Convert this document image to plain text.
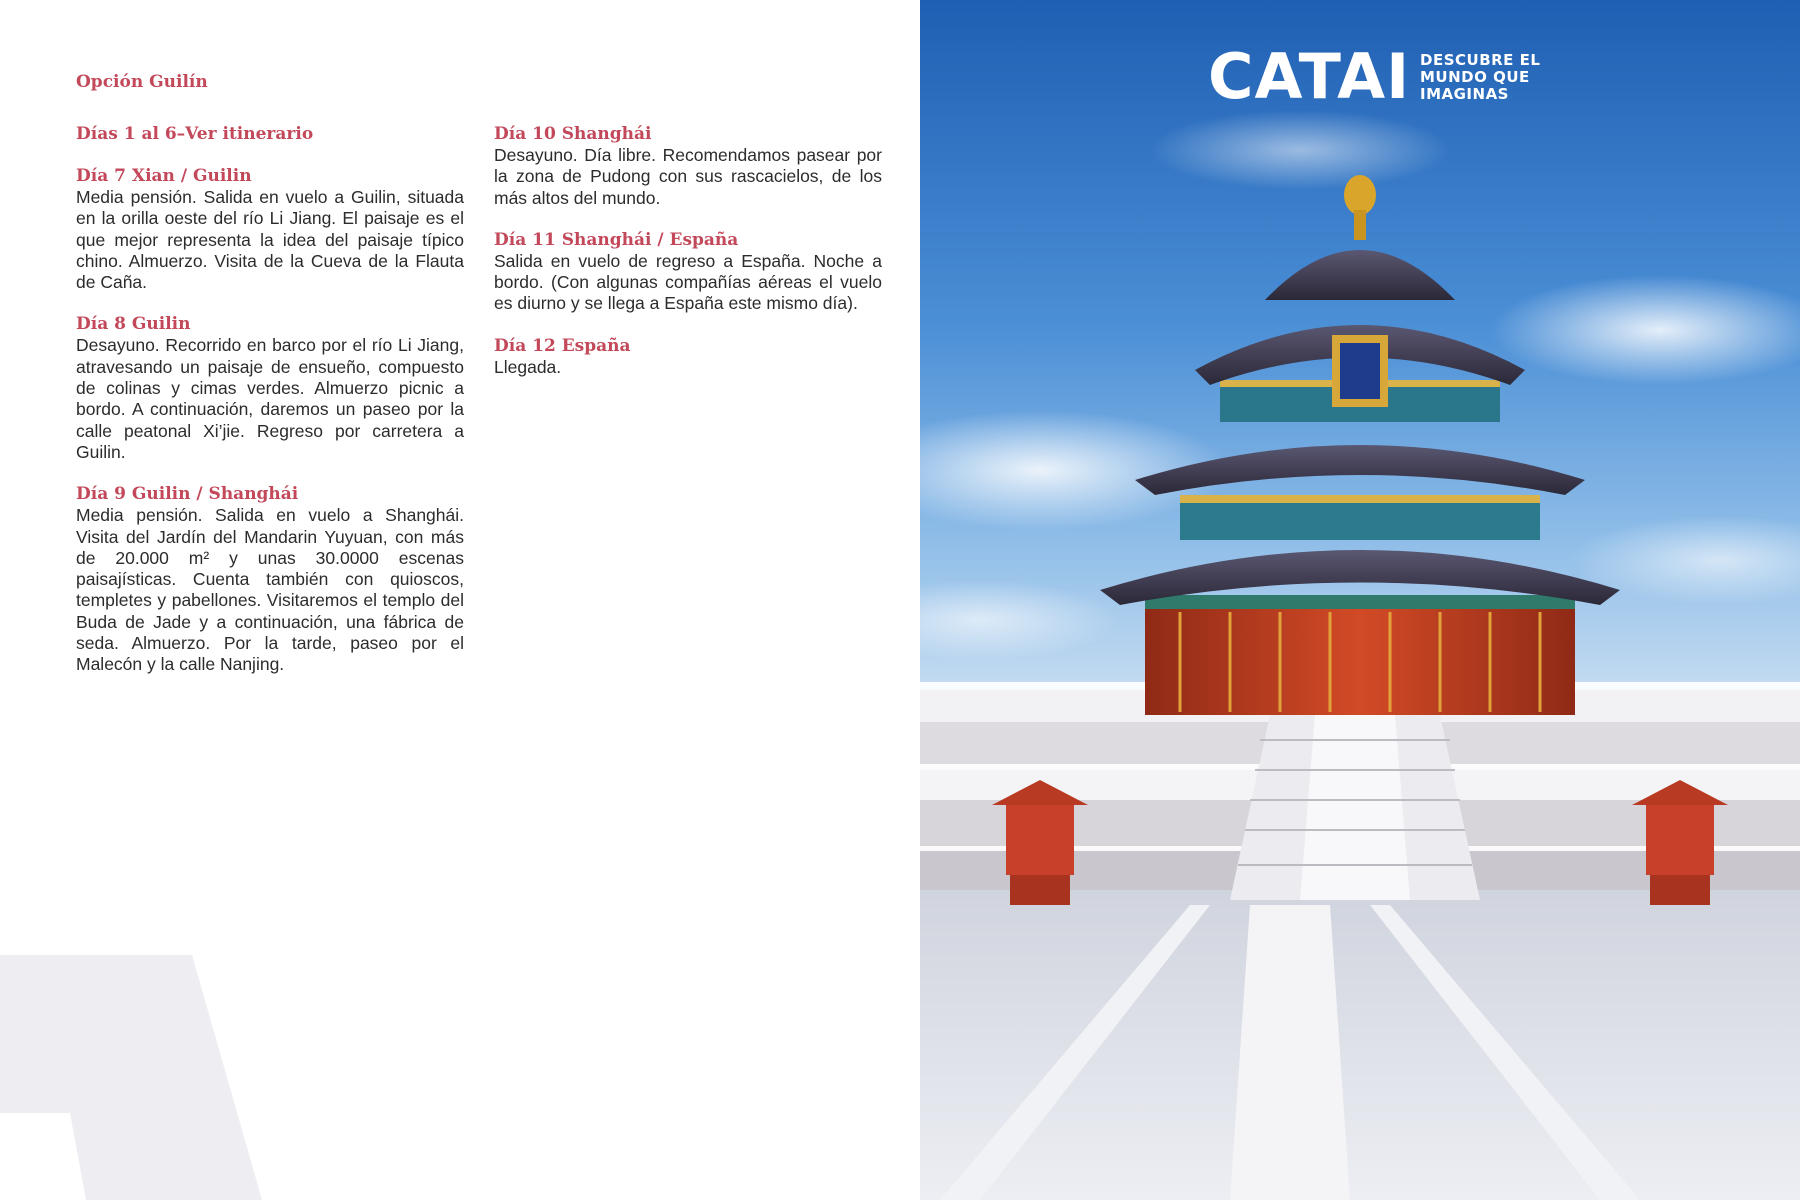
Opción Guilín
Días 1 al 6–Ver itinerario
Día 7 Xian / Guilin

Media pensión. Salida en vuelo a Guilin, situada en la orilla oeste del río Li Jiang. El paisaje es el que mejor representa la idea del paisaje típico chino. Almuerzo. Visita de la Cueva de la Flauta de Caña.

Día 8 Guilin

Desayuno. Recorrido en barco por el río Li Jiang, atravesando un paisaje de ensueño, compuesto de colinas y cimas verdes. Almuerzo picnic a bordo. A continuación, daremos un paseo por la calle peatonal Xi’jie. Regreso por carretera a Guilin.

Día 9 Guilin / Shanghái

Media pensión. Salida en vuelo a Shanghái. Visita del Jardín del Mandarin Yuyuan, con más de 20.000 m² y unas 30.0000 escenas paisajísticas. Cuenta también con quioscos, templetes y pabellones. Visitaremos el templo del Buda de Jade y a continuación, una fábrica de seda. Almuerzo. Por la tarde, paseo por el Malecón y la calle Nanjing.

Día 10 Shanghái

Desayuno. Día libre. Recomendamos pasear por la zona de Pudong con sus rascacielos, de los más altos del mundo.

Día 11 Shanghái / España

Salida en vuelo de regreso a España. Noche a bordo. (Con algunas compañías aéreas el vuelo es diurno y se llega a España este mismo día).

Día 12 España

Llegada.

CATAI DESCUBRE EL
MUNDO QUE
IMAGINAS
